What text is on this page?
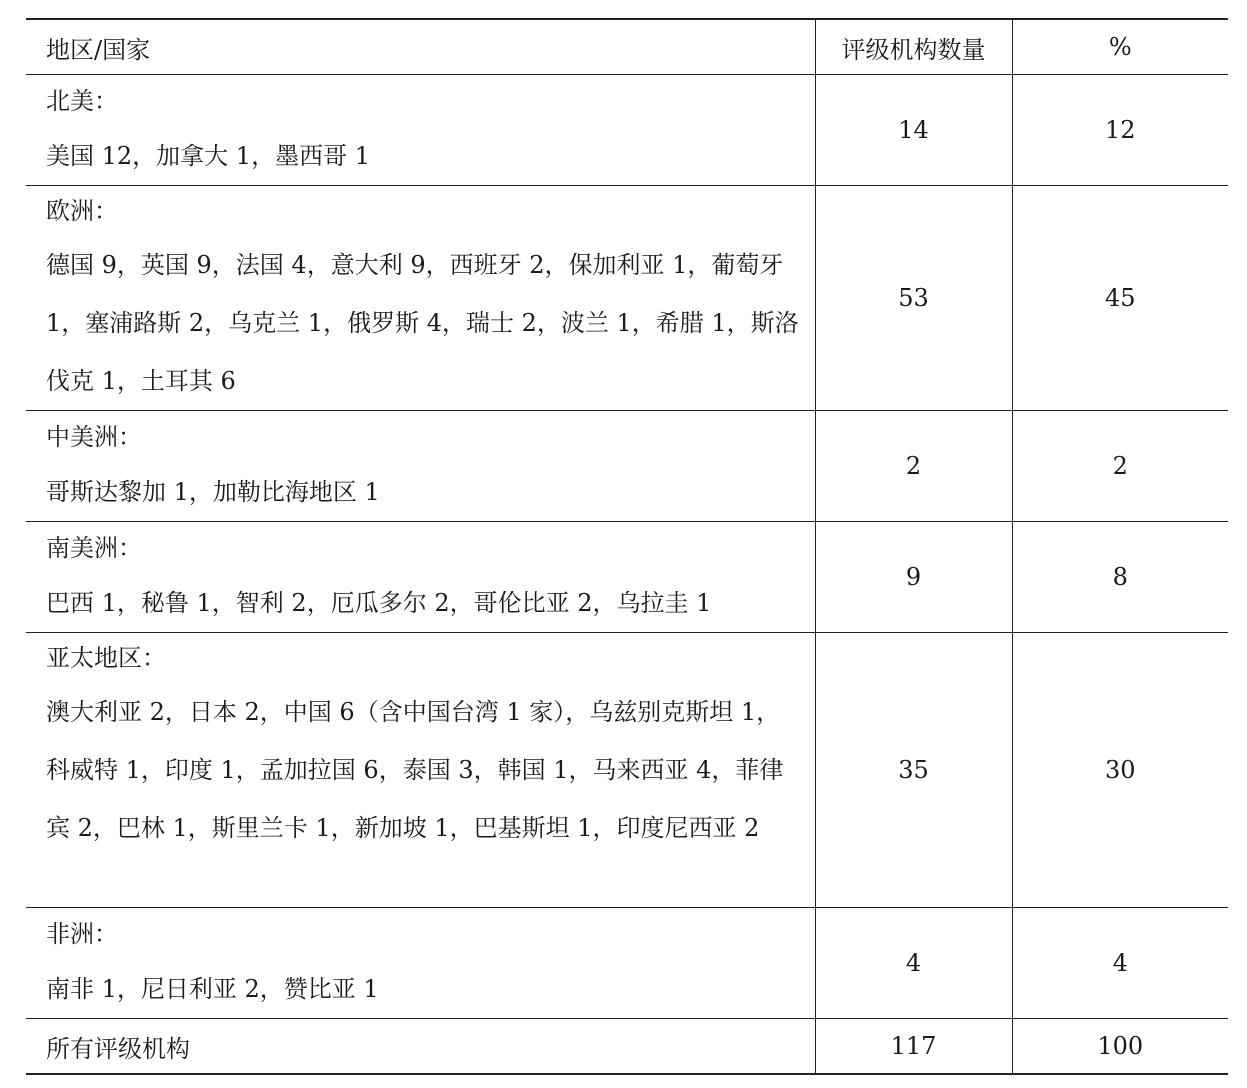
地区/国家	评级机构数量	%

北美：
美国 12，加拿大 1，墨西哥 1	14	12

欧洲：
德国 9，英国 9，法国 4，意大利 9，西班牙 2，保加利亚 1，葡萄牙 1，塞浦路斯 2，乌克兰 1，俄罗斯 4，瑞士 2，波兰 1，希腊 1，斯洛伐克 1，土耳其 6	53	45

中美洲：
哥斯达黎加 1，加勒比海地区 1	2	2

南美洲：
巴西 1，秘鲁 1，智利 2，厄瓜多尔 2，哥伦比亚 2，乌拉圭 1	9	8

亚太地区：
澳大利亚 2，日本 2，中国 6（含中国台湾 1 家），乌兹别克斯坦 1，科威特 1，印度 1，孟加拉国 6，泰国 3，韩国 1，马来西亚 4，菲律宾 2，巴林 1，斯里兰卡 1，新加坡 1，巴基斯坦 1，印度尼西亚 2	35	30

非洲：
南非 1，尼日利亚 2，赞比亚 1	4	4
所有评级机构	117	100
